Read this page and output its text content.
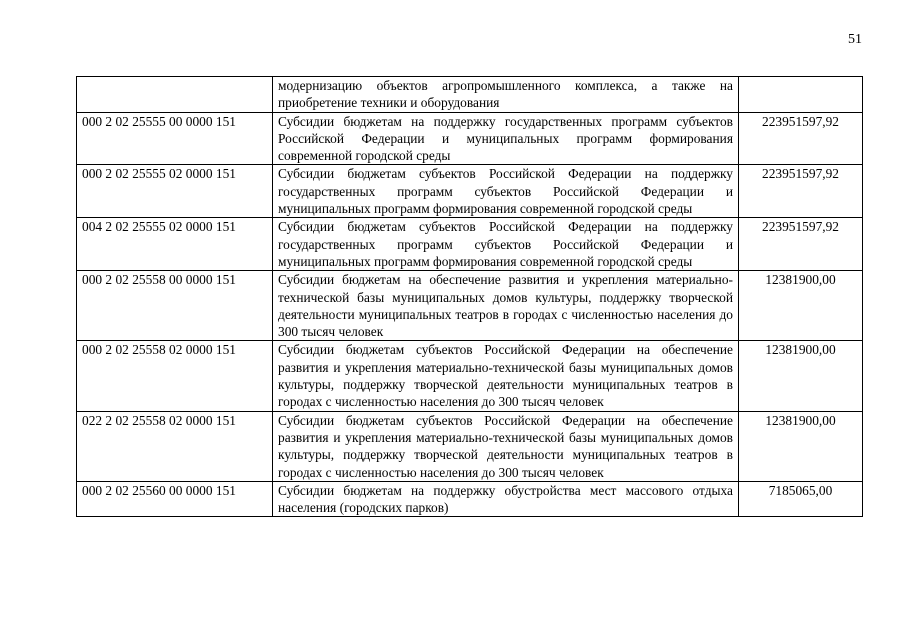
51
	модернизацию объектов агропромышленного комплекса, а также на приобретение техники и оборудования	
000 2 02 25555 00 0000 151	Субсидии бюджетам на поддержку государственных программ субъектов Российской Федерации и муниципальных программ формирования современной городской среды	223951597,92
000 2 02 25555 02 0000 151	Субсидии бюджетам субъектов Российской Федерации на поддержку государственных программ субъектов Российской Федерации и муниципальных программ формирования современной городской среды	223951597,92
004 2 02 25555 02 0000 151	Субсидии бюджетам субъектов Российской Федерации на поддержку государственных программ субъектов Российской Федерации и муниципальных программ формирования современной городской среды	223951597,92
000 2 02 25558 00 0000 151	Субсидии бюджетам на обеспечение развития и укрепления материально-технической базы муниципальных домов культуры, поддержку творческой деятельности муниципальных театров в городах с численностью населения до 300 тысяч человек	12381900,00
000 2 02 25558 02 0000 151	Субсидии бюджетам субъектов Российской Федерации на обеспечение развития и укрепления материально-технической базы муниципальных домов культуры, поддержку творческой деятельности муниципальных театров в городах с численностью населения до 300 тысяч человек	12381900,00
022 2 02 25558 02 0000 151	Субсидии бюджетам субъектов Российской Федерации на обеспечение развития и укрепления материально-технической базы муниципальных домов культуры, поддержку творческой деятельности муниципальных театров в городах с численностью населения до 300 тысяч человек	12381900,00
000 2 02 25560 00 0000 151	Субсидии бюджетам на поддержку обустройства мест массового отдыха населения (городских парков)	7185065,00
